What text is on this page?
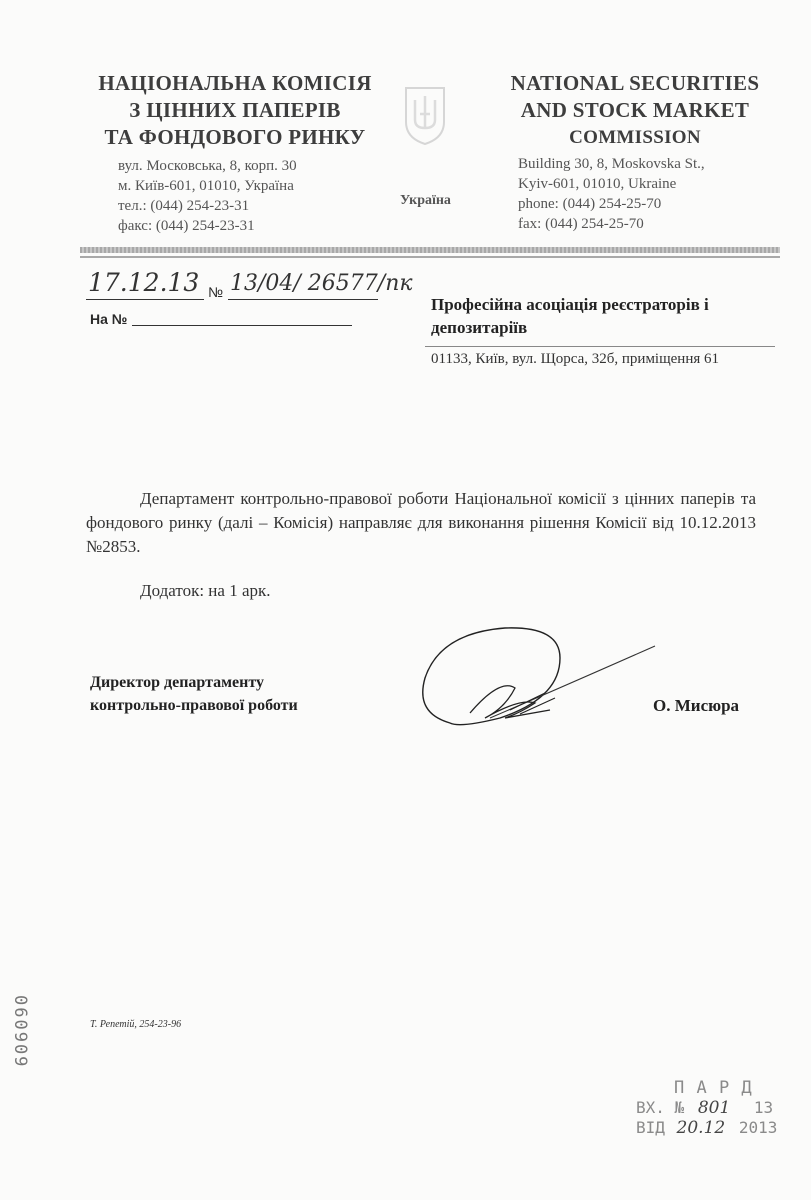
НАЦІОНАЛЬНА КОМІСІЯ
З ЦІННИХ ПАПЕРІВ
ТА ФОНДОВОГО РИНКУ
вул. Московська, 8, корп. 30
м. Київ-601, 01010, Україна
тел.: (044) 254-23-31
факс: (044) 254-23-31
Україна
NATIONAL SECURITIES
AND STOCK MARKET
COMMISSION
Building 30, 8, Moskovska St.,
Kyiv-601, 01010, Ukraine
phone: (044) 254-25-70
fax: (044) 254-25-70
17.12.13 № 13/04/ 26577/пк
На №
Професійна асоціація реєстраторів і депозитаріїв
01133, Київ, вул. Щорса, 32б, приміщення 61
Департамент контрольно-правової роботи Національної комісії з цінних паперів та фондового ринку (далі – Комісія) направляє для виконання рішення Комісії від 10.12.2013 №2853.
Додаток: на 1 арк.
Директор департаменту
контрольно-правової роботи	О. Мисюра
060909	Т. Репетій, 254-23-96
П А Р Д
ВХ. № 801 13
ВІД 20.12 2013
